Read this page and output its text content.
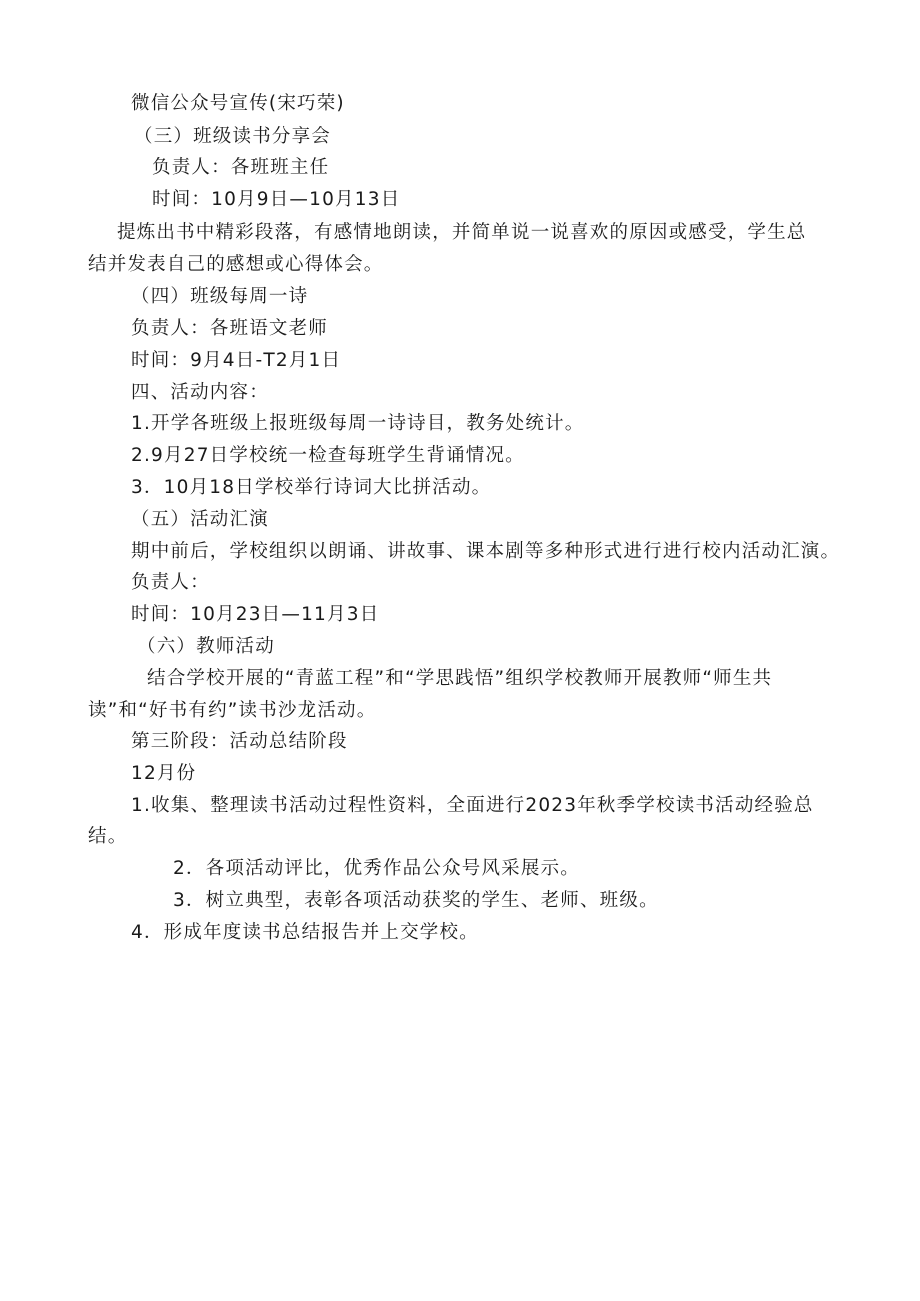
微信公众号宣传(宋巧荣)
（三）班级读书分享会
负责人：各班班主任
时间：10月9日—10月13日
提炼出书中精彩段落，有感情地朗读，并简单说一说喜欢的原因或感受，学生总
结并发表自己的感想或心得体会。
（四）班级每周一诗
负责人：各班语文老师
时间：9月4日-T2月1日
四、活动内容：
1.开学各班级上报班级每周一诗诗目，教务处统计。
2.9月27日学校统一检查每班学生背诵情况。
3．10月18日学校举行诗词大比拼活动。
（五）活动汇演
期中前后，学校组织以朗诵、讲故事、课本剧等多种形式进行进行校内活动汇演。
负责人：
时间：10月23日—11月3日
（六）教师活动
结合学校开展的“青蓝工程”和“学思践悟”组织学校教师开展教师“师生共
读”和“好书有约”读书沙龙活动。
第三阶段：活动总结阶段
12月份
1.收集、整理读书活动过程性资料，全面进行2023年秋季学校读书活动经验总
结。
2．各项活动评比，优秀作品公众号风采展示。
3．树立典型，表彰各项活动获奖的学生、老师、班级。
4．形成年度读书总结报告并上交学校。
